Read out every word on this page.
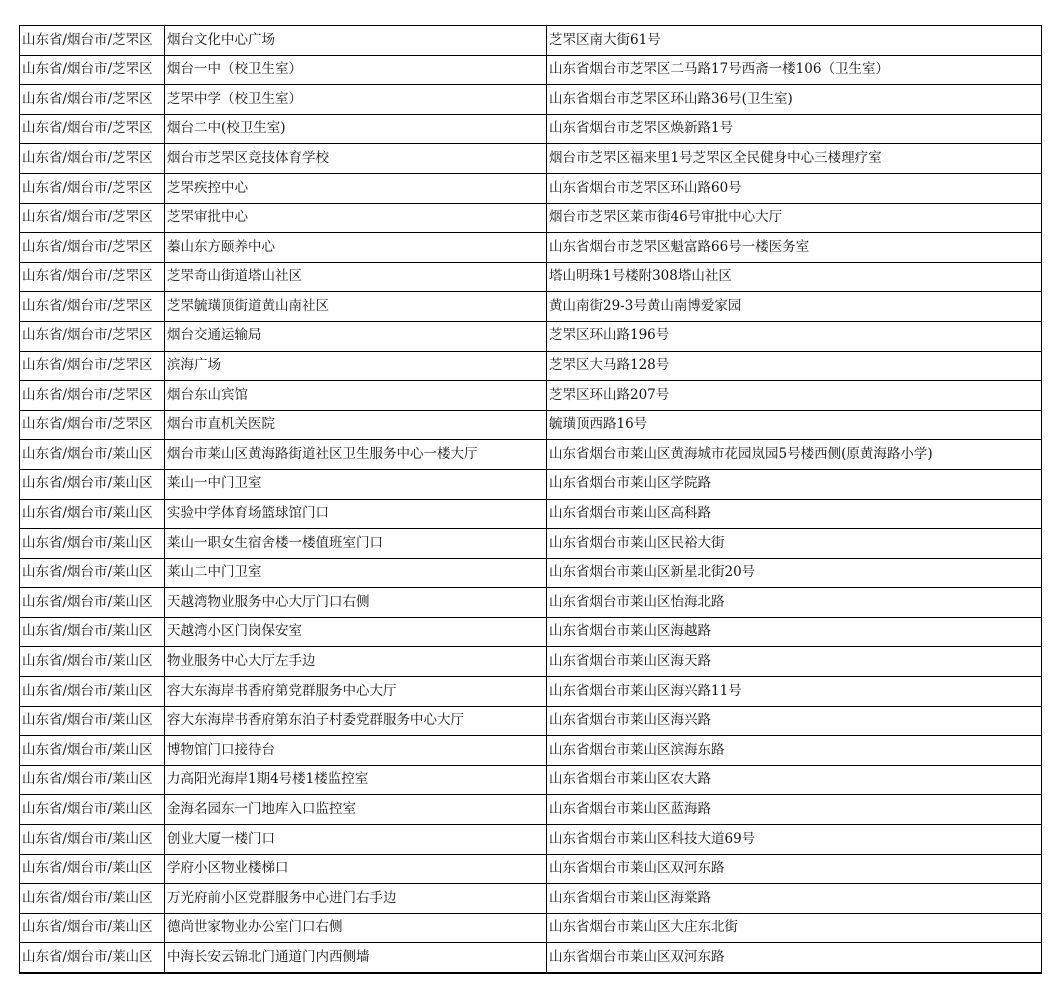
山东省/烟台市/芝罘区	烟台文化中心广场	芝罘区南大街61号
山东省/烟台市/芝罘区	烟台一中（校卫生室）	山东省烟台市芝罘区二马路17号西斋一楼106（卫生室）
山东省/烟台市/芝罘区	芝罘中学（校卫生室）	山东省烟台市芝罘区环山路36号(卫生室)
山东省/烟台市/芝罘区	烟台二中(校卫生室)	山东省烟台市芝罘区焕新路1号
山东省/烟台市/芝罘区	烟台市芝罘区竞技体育学校	烟台市芝罘区福来里1号芝罘区全民健身中心三楼理疗室
山东省/烟台市/芝罘区	芝罘疾控中心	山东省烟台市芝罘区环山路60号
山东省/烟台市/芝罘区	芝罘审批中心	烟台市芝罘区莱市街46号审批中心大厅
山东省/烟台市/芝罘区	蓁山东方颐养中心	山东省烟台市芝罘区魁富路66号一楼医务室
山东省/烟台市/芝罘区	芝罘奇山街道塔山社区	塔山明珠1号楼附308塔山社区
山东省/烟台市/芝罘区	芝罘毓璜顶街道黄山南社区	黄山南街29-3号黄山南博爱家园
山东省/烟台市/芝罘区	烟台交通运输局	芝罘区环山路196号
山东省/烟台市/芝罘区	滨海广场	芝罘区大马路128号
山东省/烟台市/芝罘区	烟台东山宾馆	芝罘区环山路207号
山东省/烟台市/芝罘区	烟台市直机关医院	毓璜顶西路16号
山东省/烟台市/莱山区	烟台市莱山区黄海路街道社区卫生服务中心一楼大厅	山东省烟台市莱山区黄海城市花园岚园5号楼西侧(原黄海路小学)
山东省/烟台市/莱山区	莱山一中门卫室	山东省烟台市莱山区学院路
山东省/烟台市/莱山区	实验中学体育场篮球馆门口	山东省烟台市莱山区高科路
山东省/烟台市/莱山区	莱山一职女生宿舍楼一楼值班室门口	山东省烟台市莱山区民裕大街
山东省/烟台市/莱山区	莱山二中门卫室	山东省烟台市莱山区新星北街20号
山东省/烟台市/莱山区	天越湾物业服务中心大厅门口右侧	山东省烟台市莱山区怡海北路
山东省/烟台市/莱山区	天越湾小区门岗保安室	山东省烟台市莱山区海越路
山东省/烟台市/莱山区	物业服务中心大厅左手边	山东省烟台市莱山区海天路
山东省/烟台市/莱山区	容大东海岸书香府第党群服务中心大厅	山东省烟台市莱山区海兴路11号
山东省/烟台市/莱山区	容大东海岸书香府第东泊子村委党群服务中心大厅	山东省烟台市莱山区海兴路
山东省/烟台市/莱山区	博物馆门口接待台	山东省烟台市莱山区滨海东路
山东省/烟台市/莱山区	力高阳光海岸1期4号楼1楼监控室	山东省烟台市莱山区农大路
山东省/烟台市/莱山区	金海名园东一门地库入口监控室	山东省烟台市莱山区蓝海路
山东省/烟台市/莱山区	创业大厦一楼门口	山东省烟台市莱山区科技大道69号
山东省/烟台市/莱山区	学府小区物业楼梯口	山东省烟台市莱山区双河东路
山东省/烟台市/莱山区	万光府前小区党群服务中心进门右手边	山东省烟台市莱山区海棠路
山东省/烟台市/莱山区	德尚世家物业办公室门口右侧	山东省烟台市莱山区大庄东北街
山东省/烟台市/莱山区	中海长安云锦北门通道门内西侧墙	山东省烟台市莱山区双河东路
